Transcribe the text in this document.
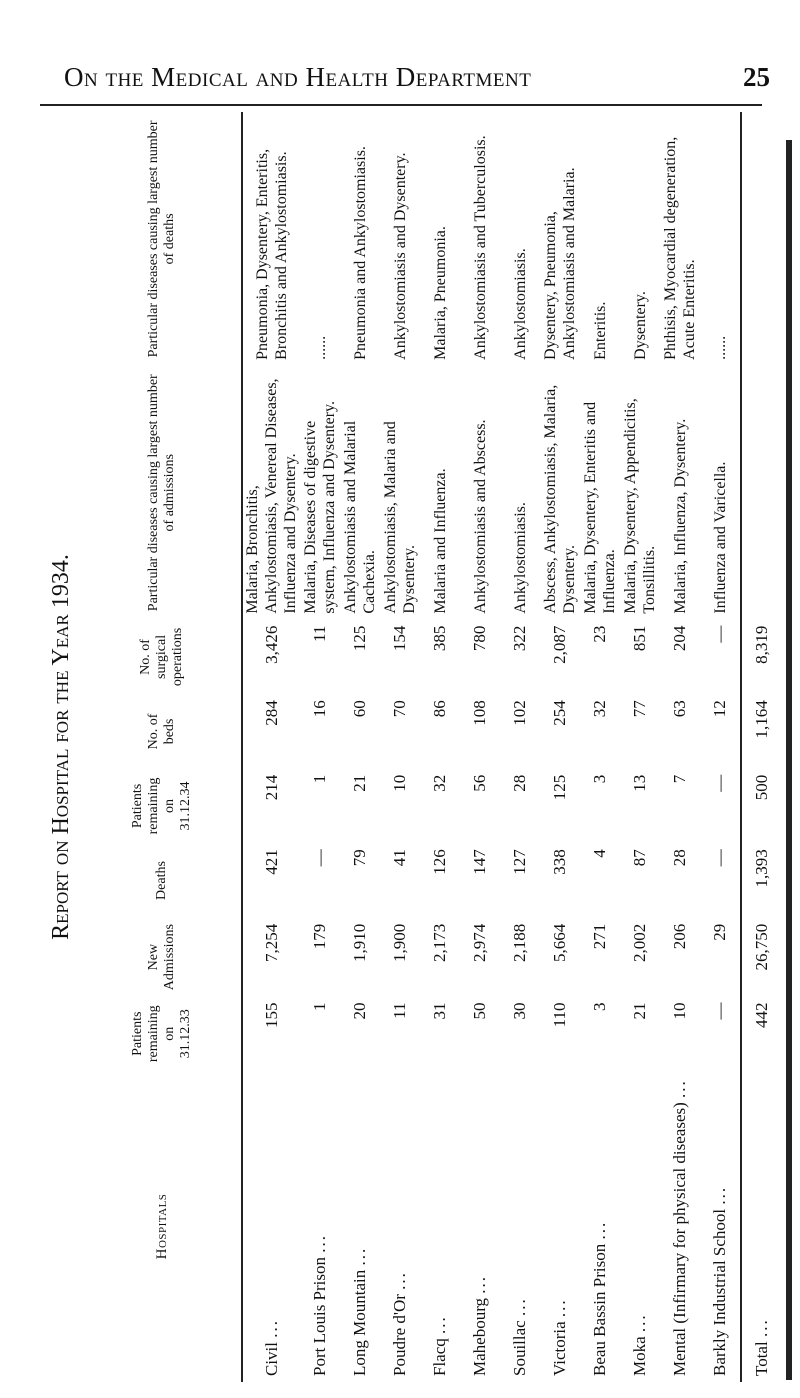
On the Medical and Health Department	25
Report on Hospital for the Year 1934.
Hospitals	Patients remaining on 31.12.33	New Admissions	Deaths	Patients remaining on 31.12.34	No. of beds	No. of surgical operations	Particular diseases causing largest number of admissions	Particular diseases causing largest number of deaths
Civil ...	155	7,254	421	214	284	3,426	Malaria, Bronchitis, Ankylostomiasis, Venereal Diseases, Influenza and Dysentery.	Pneumonia, Dysentery, Enteritis, Bronchitis and Ankylostomiasis.
Port Louis Prison ...	1	179	—	1	16	11	Malaria, Diseases of digestive system, Influenza and Dysentery.	......
Long Mountain ...	20	1,910	79	21	60	125	Ankylostomiasis and Malarial Cachexia.	Pneumonia and Ankylostomiasis.
Poudre d'Or ...	11	1,900	41	10	70	154	Ankylostomiasis, Malaria and Dysentery.	Ankylostomiasis and Dysentery.
Flacq ...	31	2,173	126	32	86	385	Malaria and Influenza.	Malaria, Pneumonia.
Mahebourg ...	50	2,974	147	56	108	780	Ankylostomiasis and Abscess.	Ankylostomiasis and Tuberculosis.
Souillac ...	30	2,188	127	28	102	322	Ankylostomiasis.	Ankylostomiasis.
Victoria ...	110	5,664	338	125	254	2,087	Abscess, Ankylostomiasis, Malaria, Dysentery.	Dysentery, Pneumonia, Ankylostomiasis and Malaria.
Beau Bassin Prison ...	3	271	4	3	32	23	Malaria, Dysentery, Enteritis and Influenza.	Enteritis.
Moka ...	21	2,002	87	13	77	851	Malaria, Dysentery, Appendicitis, Tonsillitis.	Dysentery.
Mental (Infirmary for physical diseases) ...	10	206	28	7	63	204	Malaria, Influenza, Dysentery.	Phthisis, Myocardial degeneration, Acute Enteritis.
Barkly Industrial School ...	—	29	—	—	12	—	Influenza and Varicella.	......
Total ...	442	26,750	1,393	500	1,164	8,319		
